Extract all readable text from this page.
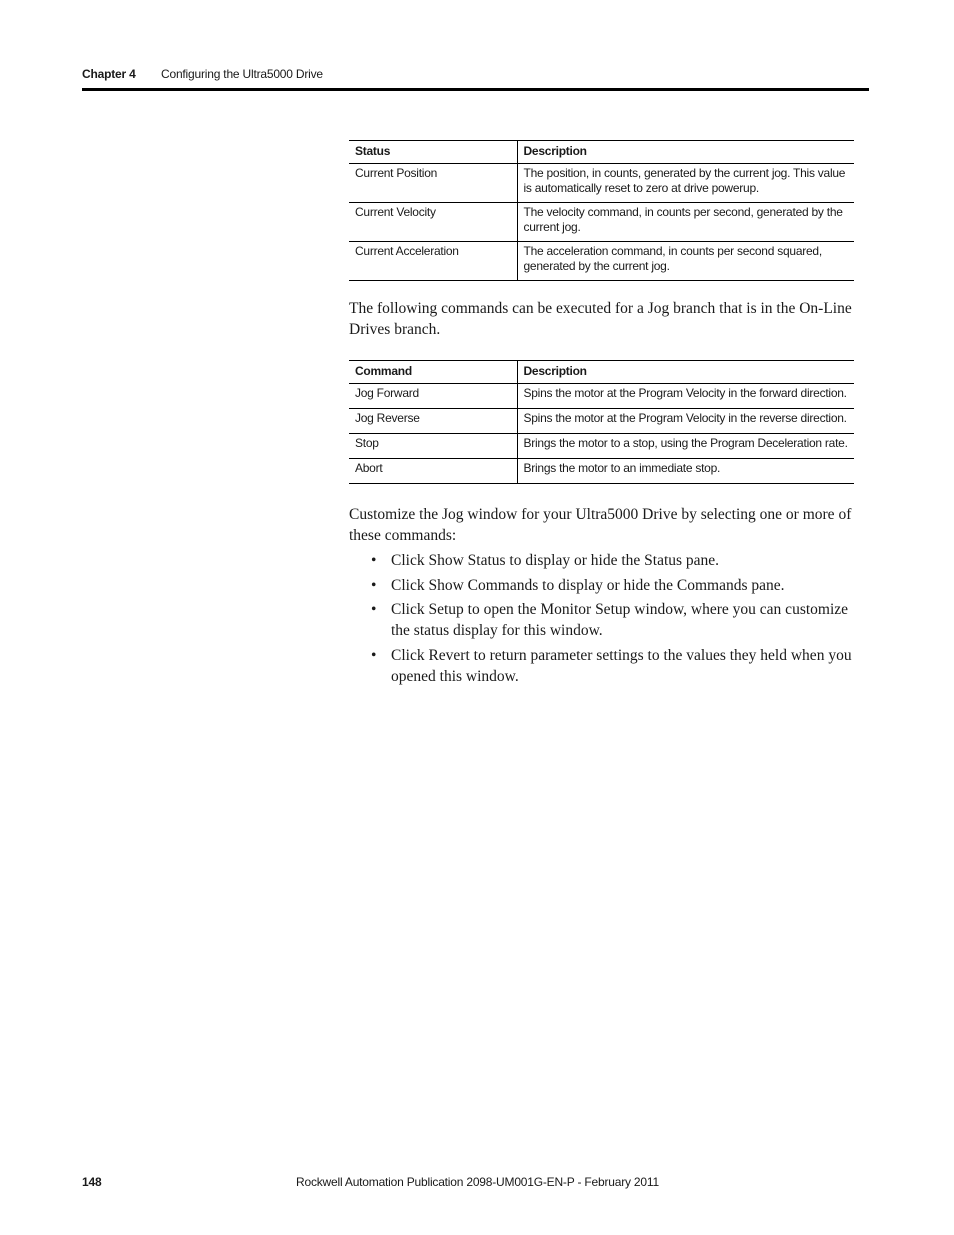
Chapter 4 Configuring the Ultra5000 Drive
Status	Description
Current Position	The position, in counts, generated by the current jog. This value is automatically reset to zero at drive powerup.
Current Velocity	The velocity command, in counts per second, generated by the current jog.
Current Acceleration	The acceleration command, in counts per second squared, generated by the current jog.

The following commands can be executed for a Jog branch that is in the On-Line Drives branch.

Command	Description
Jog Forward	Spins the motor at the Program Velocity in the forward direction.
Jog Reverse	Spins the motor at the Program Velocity in the reverse direction.
Stop	Brings the motor to a stop, using the Program Deceleration rate.
Abort	Brings the motor to an immediate stop.

Customize the Jog window for your Ultra5000 Drive by selecting one or more of these commands:

• Click Show Status to display or hide the Status pane.
• Click Show Commands to display or hide the Commands pane.
• Click Setup to open the Monitor Setup window, where you can customize the status display for this window.
• Click Revert to return parameter settings to the values they held when you opened this window.
148	Rockwell Automation Publication 2098-UM001G-EN-P - February 2011
